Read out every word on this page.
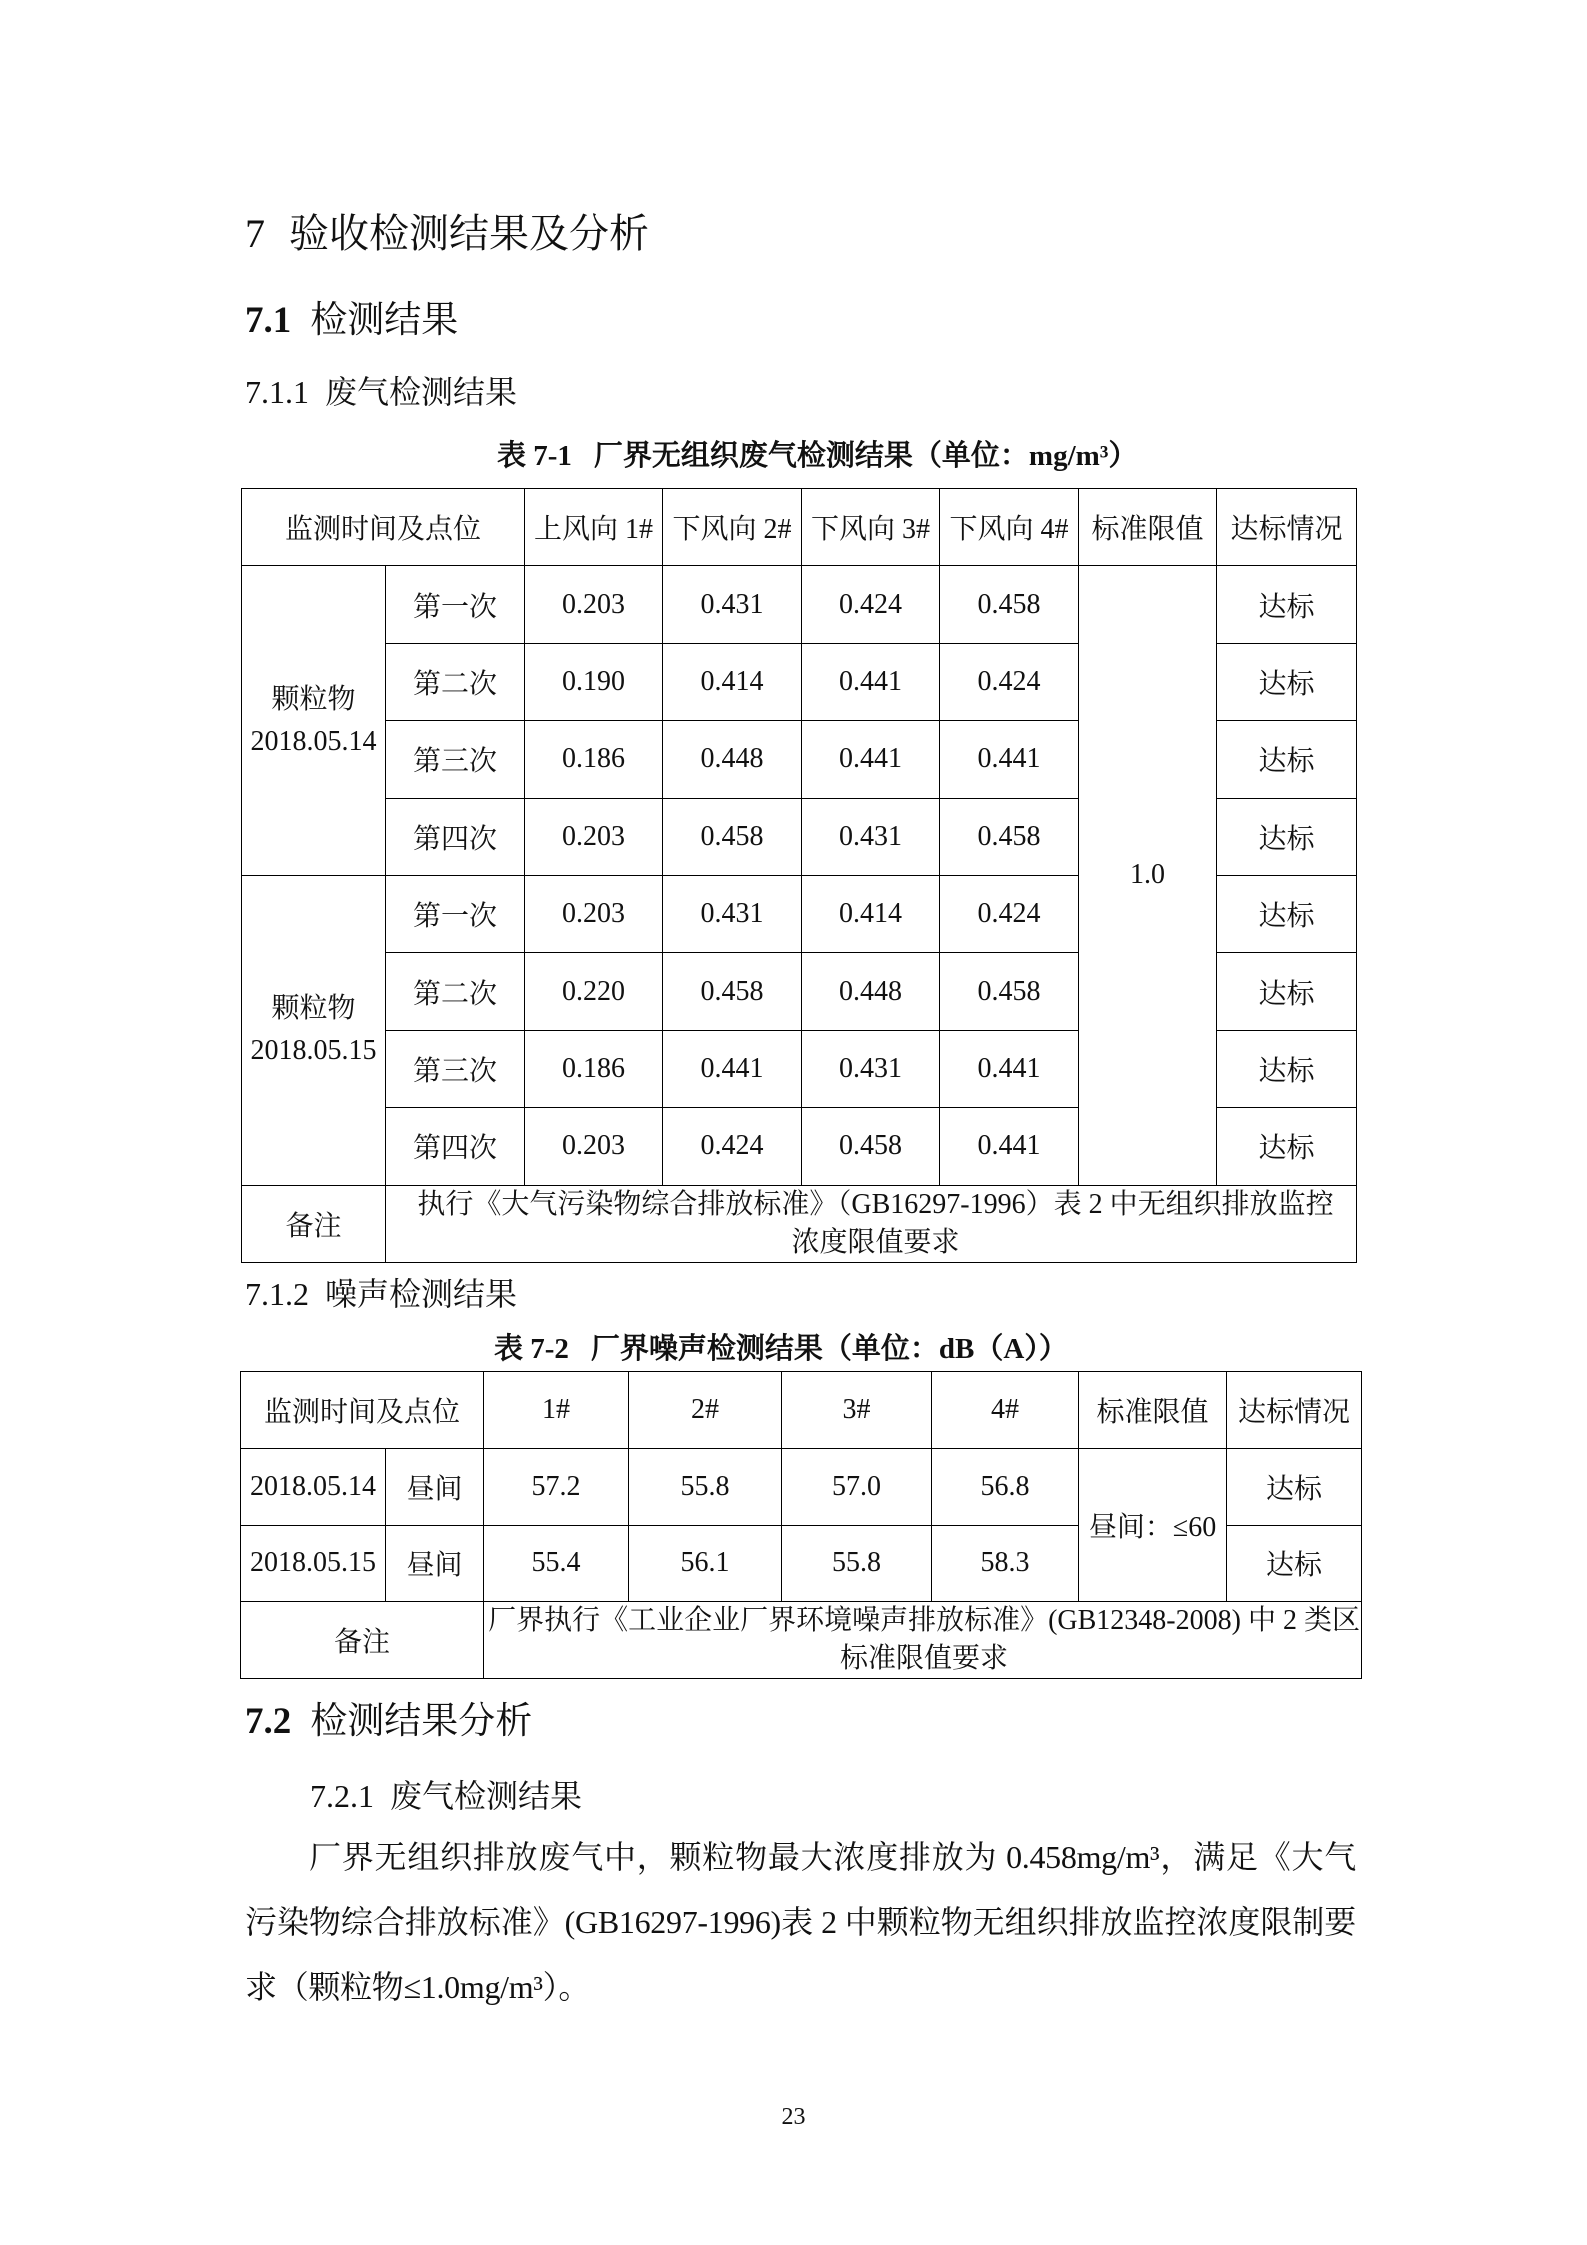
7 验收检测结果及分析
7.1 检测结果
7.1.1 废气检测结果
表 7-1 厂界无组织废气检测结果（单位：mg/m³）
监测时间及点位		上风向 1#	下风向 2#	下风向 3#	下风向 4#	标准限值	达标情况

颗粒物
2018.05.14	第一次	0.203	0.431	0.424	0.458	1.0	达标
	第二次	0.190	0.414	0.441	0.424		达标
	第三次	0.186	0.448	0.441	0.441		达标
	第四次	0.203	0.458	0.431	0.458		达标

颗粒物
2018.05.15	第一次	0.203	0.431	0.414	0.424		达标
	第二次	0.220	0.458	0.448	0.458		达标
	第三次	0.186	0.441	0.431	0.441		达标
	第四次	0.203	0.424	0.458	0.441		达标
备注	执行《大气污染物综合排放标准》（GB16297-1996）表 2 中无组织排放监控
浓度限值要求						
7.1.2 噪声检测结果
表 7-2 厂界噪声检测结果（单位：dB（A））
监测时间及点位		1#	2#	3#	4#	标准限值	达标情况
2018.05.14	昼间	57.2	55.8	57.0	56.8	昼间：≤60	达标
2018.05.15	昼间	55.4	56.1	55.8	58.3		达标
备注		厂界执行《工业企业厂界环境噪声排放标准》(GB12348-2008) 中 2 类区
标准限值要求					
7.2 检测结果分析
7.2.1 废气检测结果
厂界无组织排放废气中，颗粒物最大浓度排放为 0.458mg/m³，满足《大气
污染物综合排放标准》(GB16297-1996)表 2 中颗粒物无组织排放监控浓度限制要
求（颗粒物≤1.0mg/m³）。
23
